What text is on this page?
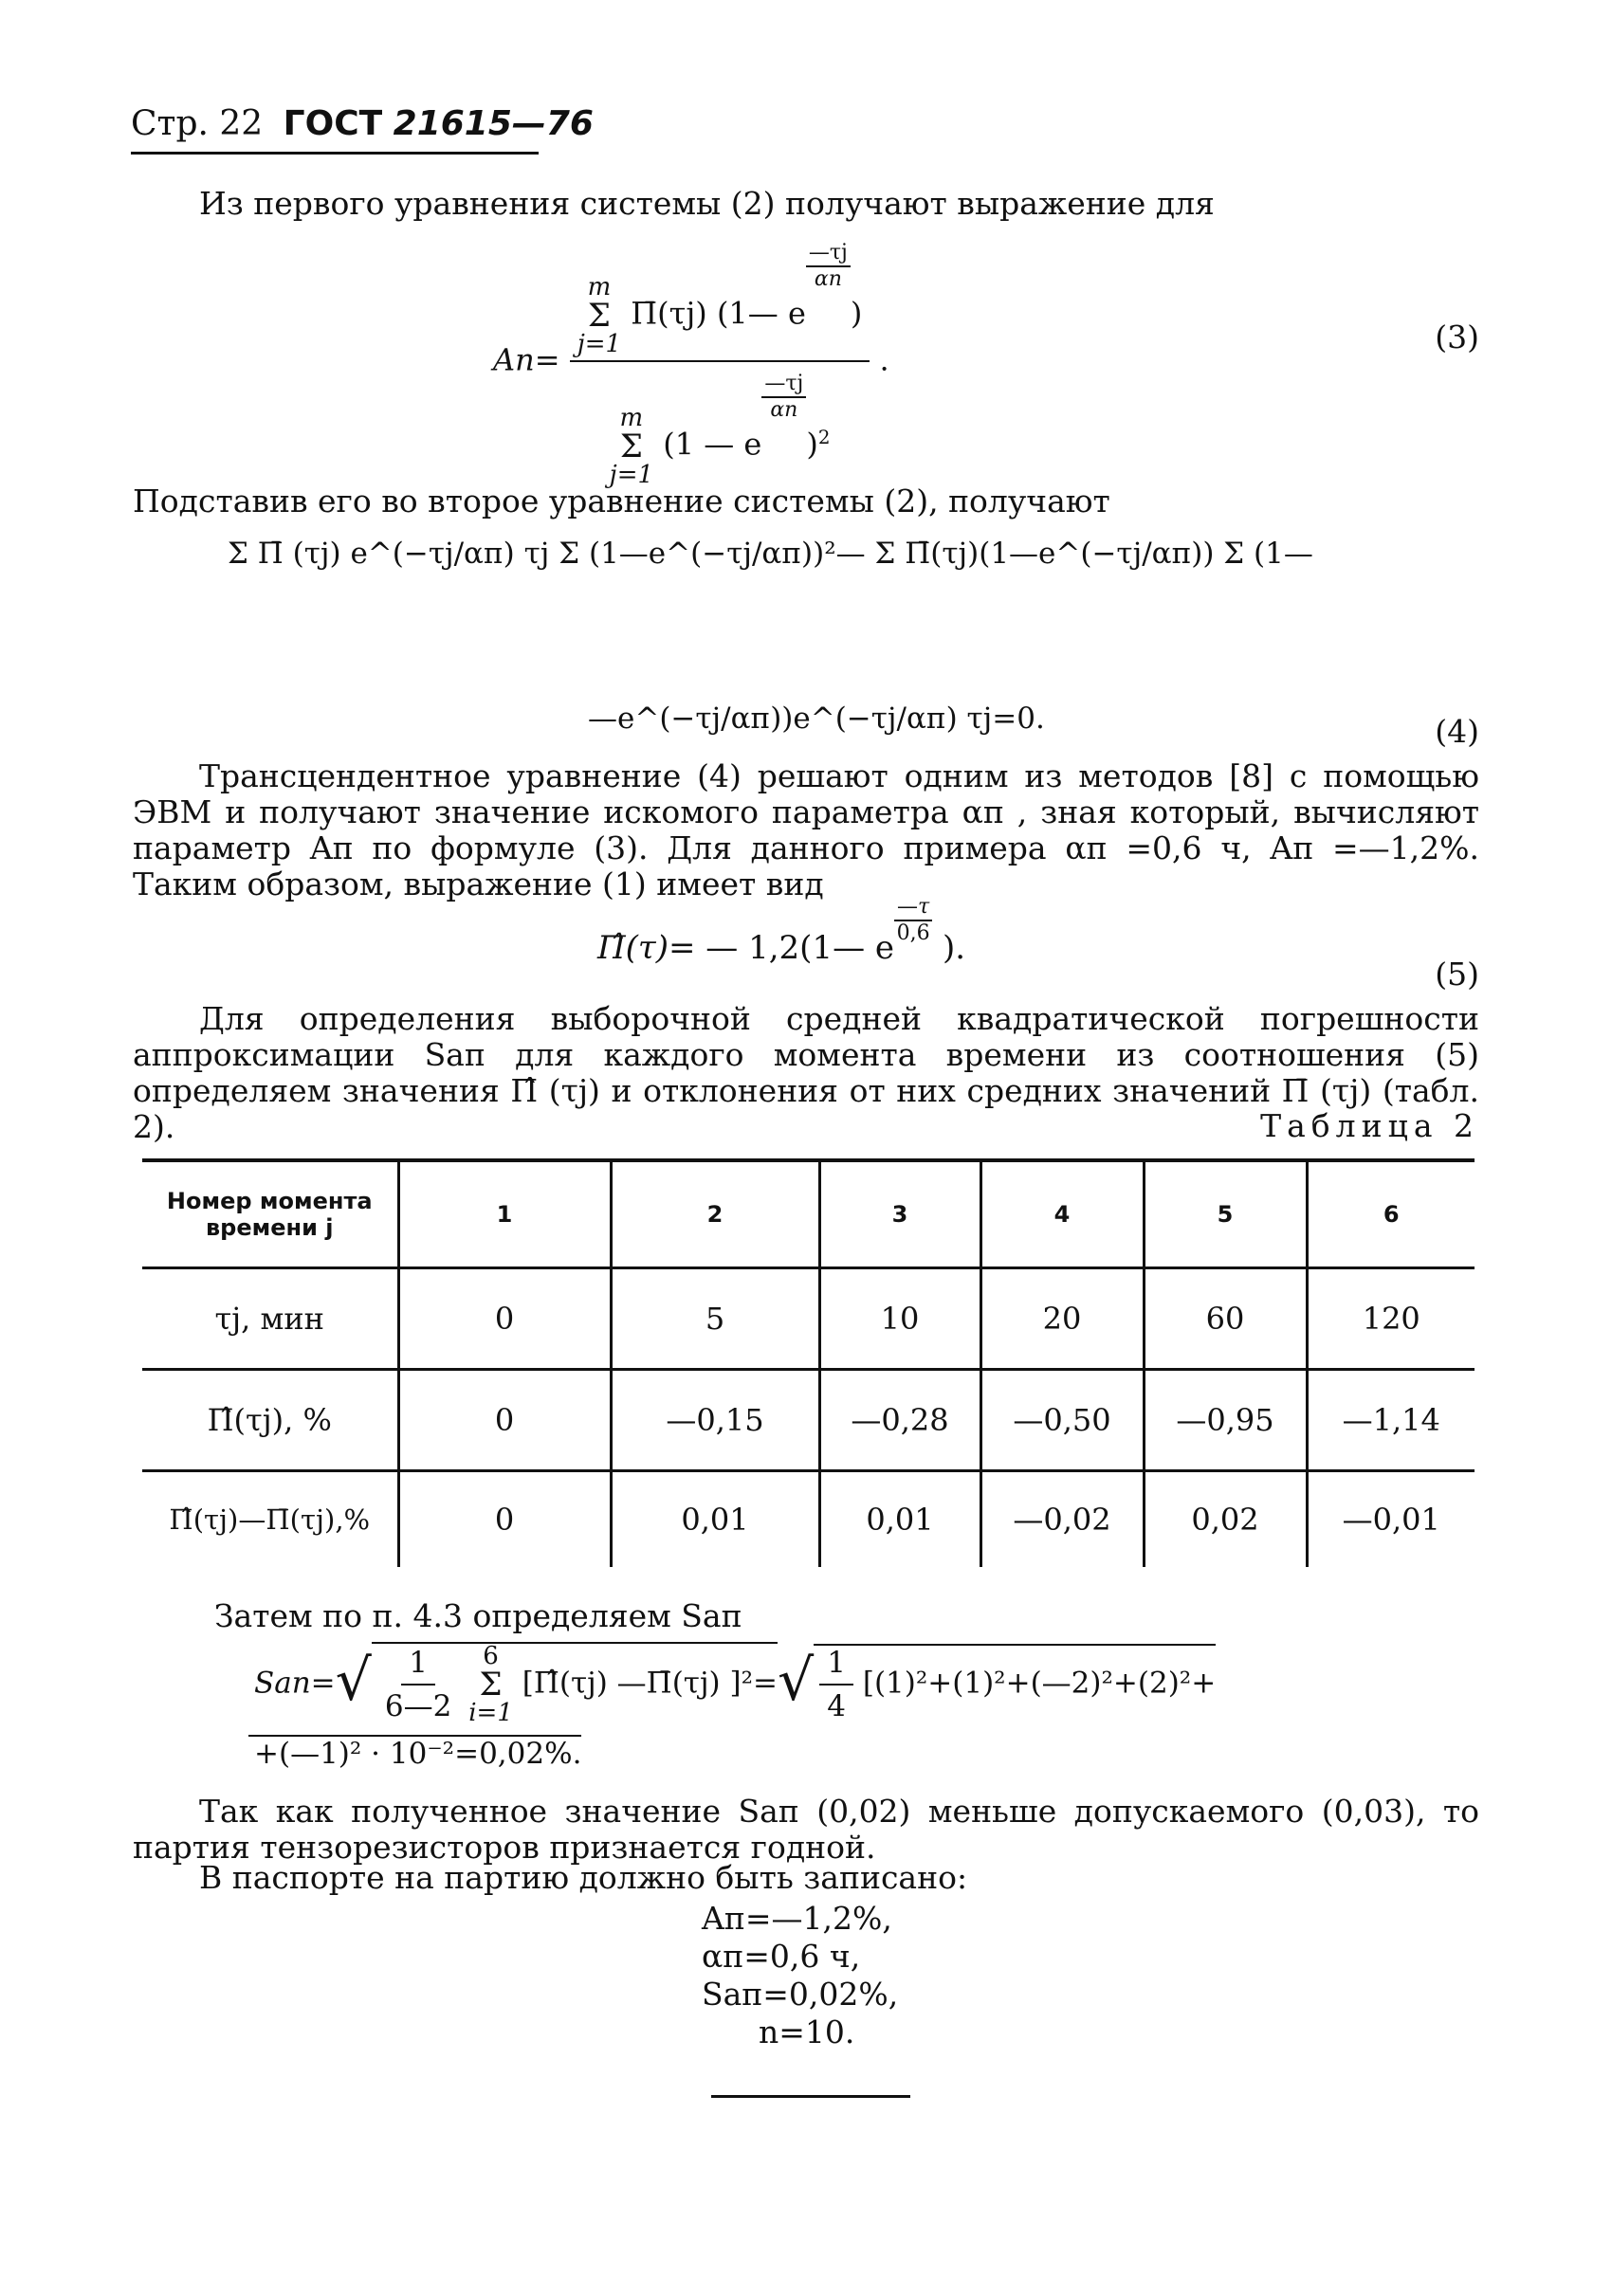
Стр. 22 ГОСТ 21615—76
Из первого уравнения системы (2) получают выражение для
Aп= m
Σ
j=1
П̄(τj) (1— e
—τj
αп
)
m
Σ
j=1
(1 — e
—τj
αп
)$^2$ .
(3)
Подставив его во второе уравнение системы (2), получают
Σ П̄ (τj) e^(−τj/αп) τj Σ (1—e^(−τj/αп))²— Σ П̄(τj)(1—e^(−τj/αп)) Σ (1—
—e^(−τj/αп))e^(−τj/αп) τj=0.	(4)
Трансцендентное уравнение (4) решают одним из методов [8] с помощью ЭВМ и получают значение искомого параметра αп , зная который, вычисляют параметр Aп по формуле (3). Для данного примера αп =0,6 ч, Aп =—1,2%. Таким образом, выражение (1) имеет вид
П̂(τ)= — 1,2(1— e
$\frac{—\tau}{0,6}$
).
(5)
Для определения выборочной средней квадратической погрешности аппроксимации Sап для каждого момента времени из соотношения (5) определяем значения П̂ (τj) и отклонения от них средних значений П̄ (τj) (табл. 2).	Таблица 2
Номер момента времени j	1	2	3	4	5	6
τj, мин	0	5	10	20	60	120
П̂(τj), %	0	—0,15	—0,28	—0,50	—0,95	—1,14
П̂(τj)—П̄(τj),%	0	0,01	0,01	—0,02	0,02	—0,01
Затем по п. 4.3 определяем Sап
$Sап=√ \frac{1}{6—2}$
6
Σ
i=1
[П̂(τj) —П̄(τj) ]$^2=√ \frac{1}{4}$ [(1)²+(1)²+(—2)²+(2)²+
+(—1)² · 10⁻²=0,02%.
Так как полученное значение Sап (0,02) меньше допускаемого (0,03), то партия тензорезисторов признается годной.
В паспорте на партию должно быть записано:
Aп=—1,2%,
αп=0,6 ч,
Sап=0,02%,
n=10.
